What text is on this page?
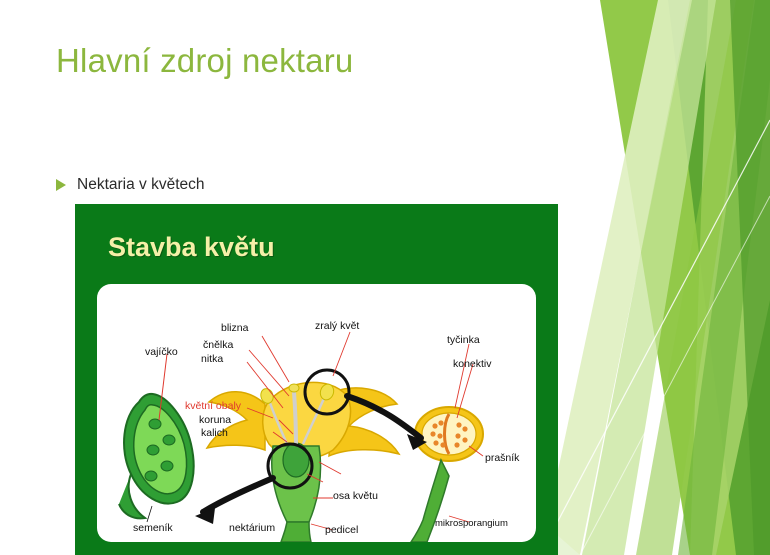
Hlavní zdroj nektaru
Nektaria v květech
Stavba květu
blizna
čnělka
nitka
zralý květ
tyčinka
konektiv
vajíčko
květní obaly
koruna
kalich
prašník
semeník	nektárium
osa květu
pedicel
mikrosporangium
